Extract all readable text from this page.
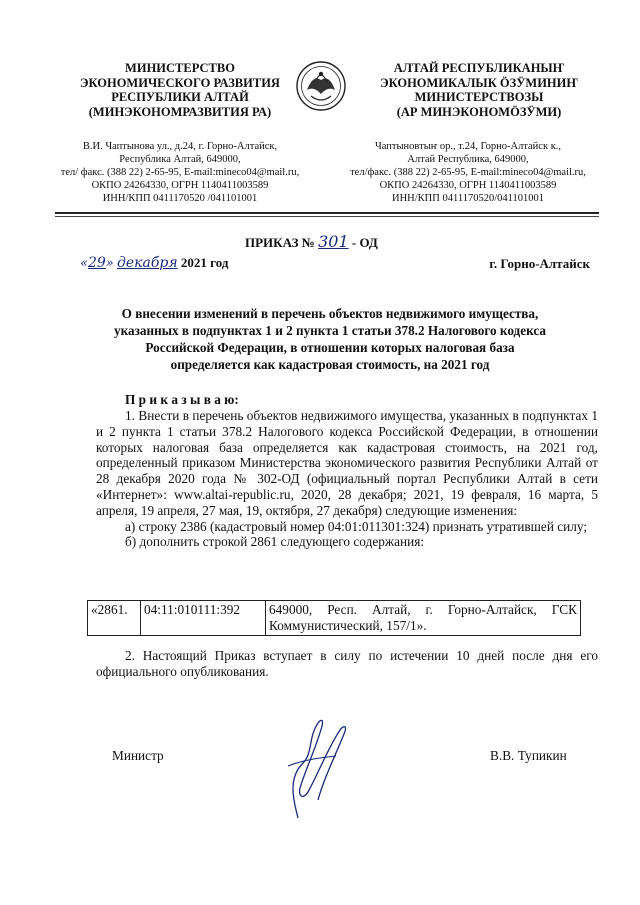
МИНИСТЕРСТВО
ЭКОНОМИЧЕСКОГО РАЗВИТИЯ
РЕСПУБЛИКИ АЛТАЙ
(МИНЭКОНОМРАЗВИТИЯ РА)
АЛТАЙ РЕСПУБЛИКАНЫҤ
ЭКОНОМИКАЛЫК ӦЗӰМИНИҤ
МИНИСТЕРСТВОЗЫ
(АР МИНЭКОНОМӦЗӰМИ)
В.И. Чаптынова ул., д.24, г. Горно-Алтайск,
Республика Алтай, 649000,
тел/ факс. (388 22) 2-65-95, E-mail:mineco04@mail.ru,
ОКПО 24264330, ОГРН 1140411003589
ИНН/КПП 0411170520 /041101001
Чаптыновтыҥ ор., т.24, Горно-Алтайск к.,
Алтай Республика, 649000,
тел/факс. (388 22) 2-65-95, E-mail:mineco04@mail.ru,
ОКПО 24264330, ОГРН 1140411003589
ИНН/КПП 0411170520/041101001
ПРИКАЗ № 301 - ОД
«29» декабря 2021 год	г. Горно-Алтайск
О внесении изменений в перечень объектов недвижимого имущества,
указанных в подпунктах 1 и 2 пункта 1 статьи 378.2 Налогового кодекса
Российской Федерации, в отношении которых налоговая база
определяется как кадастровая стоимость, на 2021 год
П р и к а з ы в а ю:

1. Внести в перечень объектов недвижимого имущества, указанных в подпунктах 1 и 2 пункта 1 статьи 378.2 Налогового кодекса Российской Федерации, в отношении которых налоговая база определяется как кадастровая стоимость, на 2021 год, определенный приказом Министерства экономического развития Республики Алтай от 28 декабря 2020 года № 302-ОД (официальный портал Республики Алтай в сети «Интернет»: www.altai-republic.ru, 2020, 28 декабря; 2021, 19 февраля, 16 марта, 5 апреля, 19 апреля, 27 мая, 19, октября, 27 декабря) следующие изменения:

а) строку 2386 (кадастровый номер 04:01:011301:324) признать утратившей силу;

б) дополнить строкой 2861 следующего содержания:

«2861.	04:11:010111:392	649000, Респ. Алтай, г. Горно-Алтайск, ГСК Коммунистический, 157/1».

2. Настоящий Приказ вступает в силу по истечении 10 дней после дня его официального опубликования.

Министр	В.В. Тупикин
